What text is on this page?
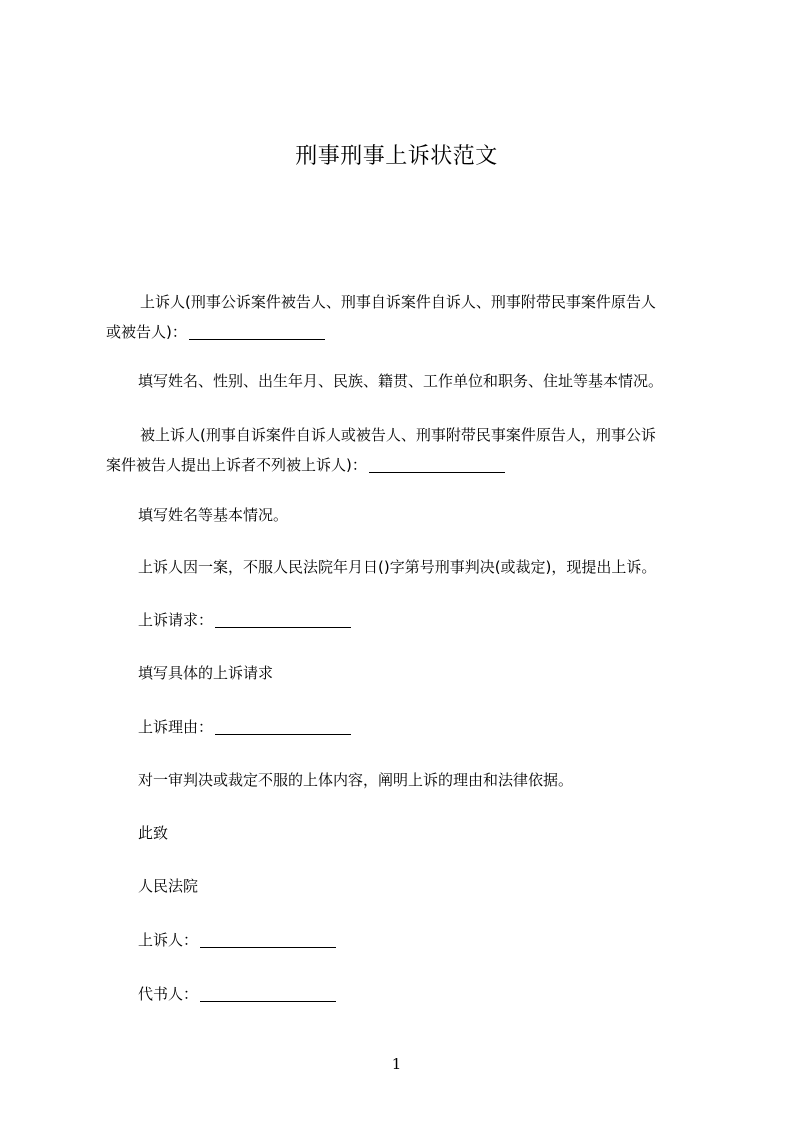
刑事刑事上诉状范文
上诉人(刑事公诉案件被告人、刑事自诉案件自诉人、刑事附带民事案件原告人
或被告人)：
填写姓名、性别、出生年月、民族、籍贯、工作单位和职务、住址等基本情况。
被上诉人(刑事自诉案件自诉人或被告人、刑事附带民事案件原告人，刑事公诉
案件被告人提出上诉者不列被上诉人)：
填写姓名等基本情况。
上诉人因一案，不服人民法院年月日()字第号刑事判决(或裁定)，现提出上诉。
上诉请求：
填写具体的上诉请求
上诉理由：
对一审判决或裁定不服的上体内容，阐明上诉的理由和法律依据。
此致
人民法院
上诉人：
代书人：
1
